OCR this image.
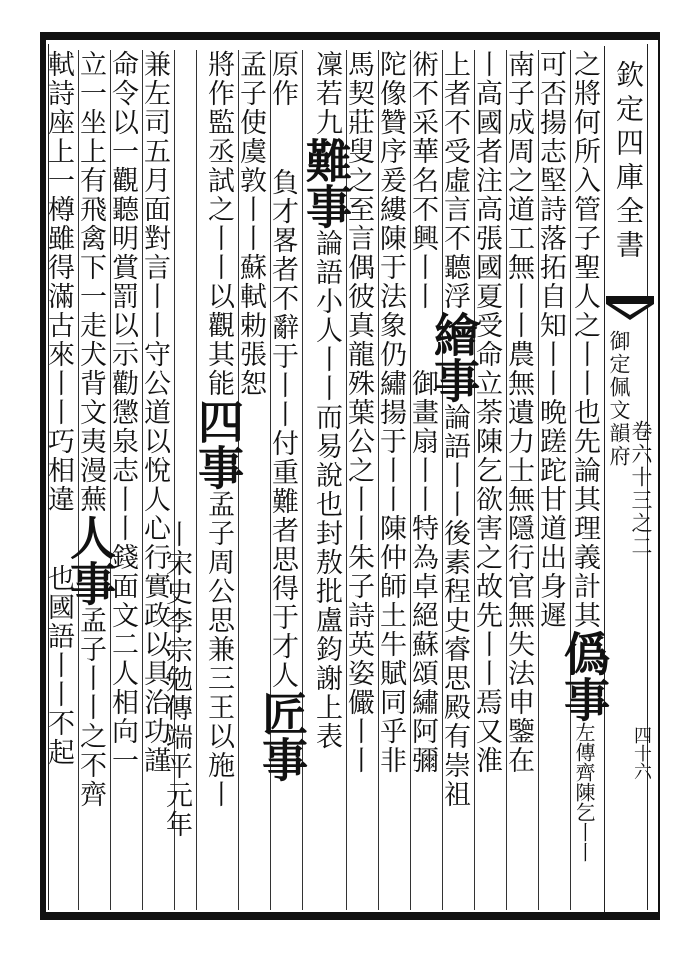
欽定四庫全書
御定佩文韻府
卷六十三之二
四十六
之將何所入管子聖人之丨丨也先論其理義計其僞事左傳齊陳乞丨丨
可否揚志堅詩落拓自知丨丨晩蹉跎甘道出身遲
南子成周之道工無丨丨農無遺力士無隱行官無失法申鑒在
丨高國者注高張國夏受命立荼陳乞欲害之故先丨丨焉又淮
上者不受虛言不聽浮繪事論語丨丨後素程史睿思殿有崇祖
術不采華名不興丨丨御畫扇丨丨特為卓絕蘇頌繡阿彌
陀像贊序爰縷陳于法象仍繡揚于丨丨陳仲師土牛賦同乎非
馬契莊叟之至言偶彼真龍殊葉公之丨丨朱子詩英姿儼丨丨
凜若九難事論語小人丨丨而易說也封敖批盧鈞謝上表
原作負才畧者不辭于丨丨付重難者思得于才人匠事
孟子使虞敦丨丨蘇軾勅張恕
將作監丞試之丨丨以觀其能四事孟子周公思兼三王以施丨
丨宋史李宗勉傳端平元年
兼左司五月面對言丨丨守公道以悅人心行實政以具治功謹
命令以一觀聽明賞罰以示勸懲泉志丨丨錢面文二人相向一
立一坐上有飛禽下一走犬背文夷漫蕪人事孟子丨丨之不齊
軾詩座上一樽雖得滿古來丨丨巧相違也國語丨丨不起
